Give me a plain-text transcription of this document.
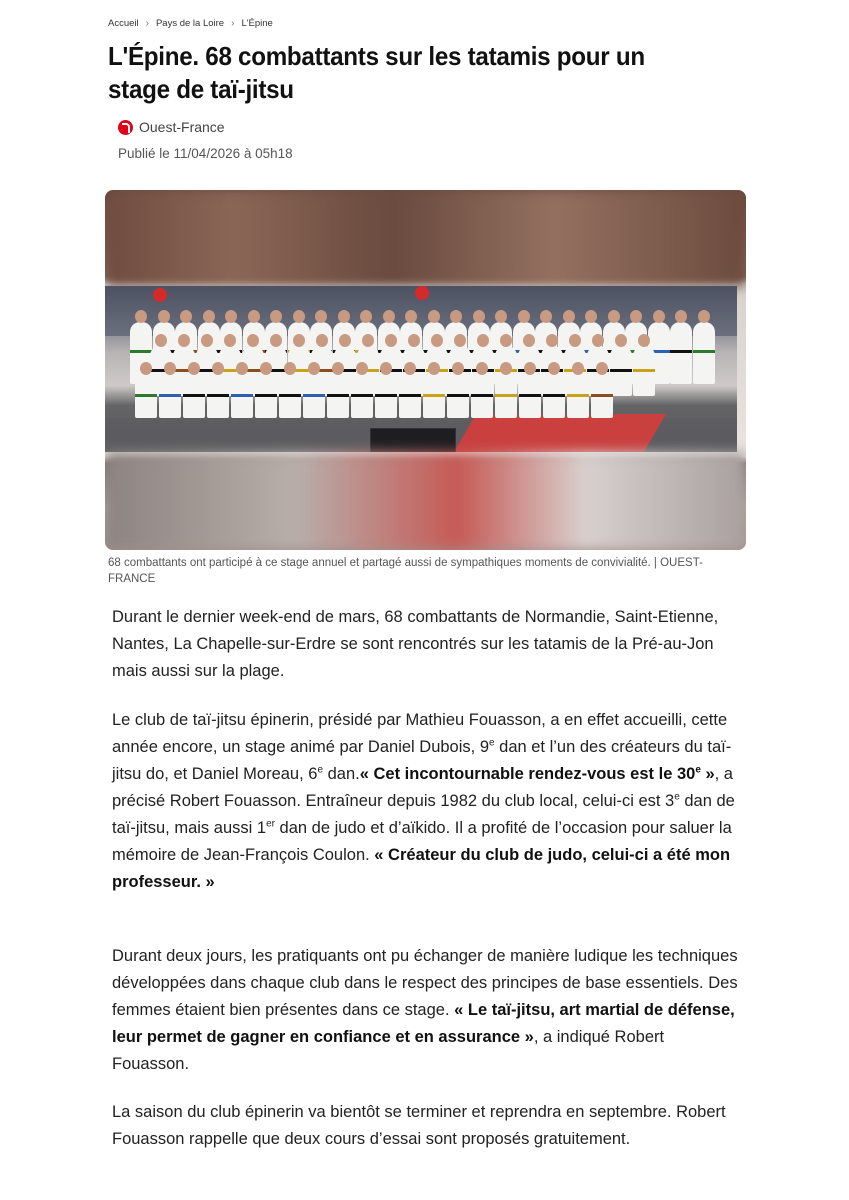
Accueil › Pays de la Loire › L'Épine
L'Épine. 68 combattants sur les tatamis pour un stage de taï-jitsu
Ouest-France
Publié le 11/04/2026 à 05h18
68 combattants ont participé à ce stage annuel et partagé aussi de sympathiques moments de convivialité. | OUEST-FRANCE

Durant le dernier week-end de mars, 68 combattants de Normandie, Saint-Etienne, Nantes, La Chapelle-sur-Erdre se sont rencontrés sur les tatamis de la Pré-au-Jon mais aussi sur la plage.

Le club de taï-jitsu épinerin, présidé par Mathieu Fouasson, a en effet accueilli, cette année encore, un stage animé par Daniel Dubois, 9e dan et l’un des créateurs du taï-jitsu do, et Daniel Moreau, 6e dan.« Cet incontournable rendez-vous est le 30e », a précisé Robert Fouasson. Entraîneur depuis 1982 du club local, celui-ci est 3e dan de taï-jitsu, mais aussi 1er dan de judo et d’aïkido. Il a profité de l’occasion pour saluer la mémoire de Jean-François Coulon. « Créateur du club de judo, celui-ci a été mon professeur. »

Durant deux jours, les pratiquants ont pu échanger de manière ludique les techniques développées dans chaque club dans le respect des principes de base essentiels. Des femmes étaient bien présentes dans ce stage. « Le taï-jitsu, art martial de défense, leur permet de gagner en confiance et en assurance », a indiqué Robert Fouasson.

La saison du club épinerin va bientôt se terminer et reprendra en septembre. Robert Fouasson rappelle que deux cours d’essai sont proposés gratuitement.
